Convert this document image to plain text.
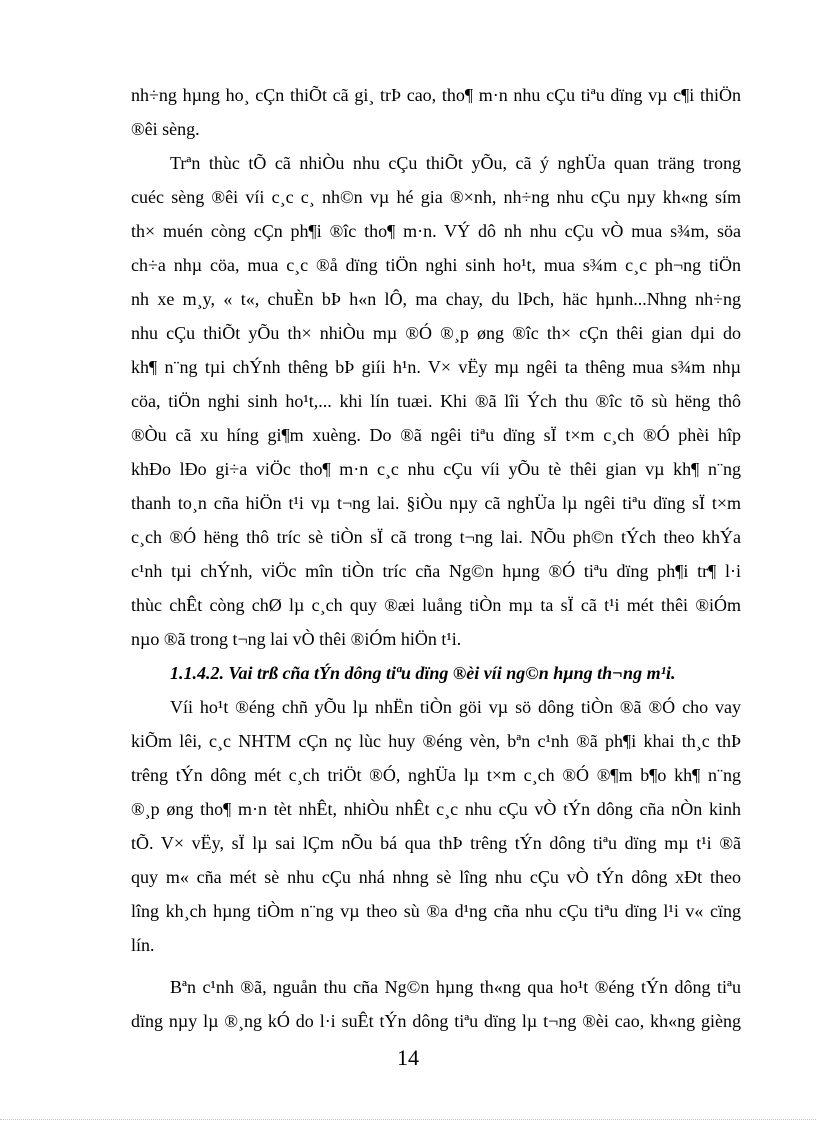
nh÷ng hµng ho¸ cÇn thiÕt cã gi¸ trÞ cao, tho¶ m·n nhu cÇu tiªu dïng vµ c¶i thiÖn
®êi sèng.
Trªn thùc tÕ cã nhiÒu nhu cÇu thiÕt yÕu, cã ý nghÜa quan träng trong
cuéc sèng ®êi víi c¸c c¸ nh©n vµ hé gia ®×nh, nh÷ng nhu cÇu nµy kh«ng sím
th× muén còng cÇn ph¶i ®îc tho¶ m·n. VÝ dô nh nhu cÇu vÒ mua s¾m, söa
ch÷a nhµ cöa, mua c¸c ®å dïng tiÖn nghi sinh ho¹t, mua s¾m c¸c ph¬ng tiÖn
nh xe m¸y, « t«, chuÈn bÞ h«n lÔ, ma chay, du lÞch, häc hµnh...Nhng nh÷ng
nhu cÇu thiÕt yÕu th× nhiÒu mµ ®Ó ®¸p øng ®îc th× cÇn thêi gian dµi do
kh¶ n¨ng tµi chÝnh thêng bÞ giíi h¹n. V× vËy mµ ngêi ta thêng mua s¾m nhµ
cöa, tiÖn nghi sinh ho¹t,... khi lín tuæi. Khi ®ã lîi Ých thu ®îc tõ sù hëng thô
®Òu cã xu híng gi¶m xuèng. Do ®ã ngêi tiªu dïng sÏ t×m c¸ch ®Ó phèi hîp
khÐo lÐo gi÷a viÖc tho¶ m·n c¸c nhu cÇu víi yÕu tè thêi gian vµ kh¶ n¨ng
thanh to¸n cña hiÖn t¹i vµ t¬ng lai. §iÒu nµy cã nghÜa lµ ngêi tiªu dïng sÏ t×m
c¸ch ®Ó hëng thô tríc sè tiÒn sÏ cã trong t¬ng lai. NÕu ph©n tÝch theo khÝa
c¹nh tµi chÝnh, viÖc mîn tiÒn tríc cña Ng©n hµng ®Ó tiªu dïng ph¶i tr¶ l·i
thùc chÊt còng chØ lµ c¸ch quy ®æi luång tiÒn mµ ta sÏ cã t¹i mét thêi ®iÓm
nµo ®ã trong t¬ng lai vÒ thêi ®iÓm hiÖn t¹i.
1.1.4.2. Vai trß cña tÝn dông tiªu dïng ®èi víi ng©n hµng th¬ng m¹i.
Víi ho¹t ®éng chñ yÕu lµ nhËn tiÒn göi vµ sö dông tiÒn ®ã ®Ó cho vay
kiÕm lêi, c¸c NHTM cÇn nç lùc huy ®éng vèn, bªn c¹nh ®ã ph¶i khai th¸c thÞ
trêng tÝn dông mét c¸ch triÖt ®Ó, nghÜa lµ t×m c¸ch ®Ó ®¶m b¶o kh¶ n¨ng
®¸p øng tho¶ m·n tèt nhÊt, nhiÒu nhÊt c¸c nhu cÇu vÒ tÝn dông cña nÒn kinh
tÕ. V× vËy, sÏ lµ sai lÇm nÕu bá qua thÞ trêng tÝn dông tiªu dïng mµ t¹i ®ã
quy m« cña mét sè nhu cÇu nhá nhng sè lîng nhu cÇu vÒ tÝn dông xÐt theo
lîng kh¸ch hµng tiÒm n¨ng vµ theo sù ®a d¹ng cña nhu cÇu tiªu dïng l¹i v« cïng
lín.
Bªn c¹nh ®ã, nguån thu cña Ng©n hµng th«ng qua ho¹t ®éng tÝn dông tiªu
dïng nµy lµ ®¸ng kÓ do l·i suÊt tÝn dông tiªu dïng lµ t¬ng ®èi cao, kh«ng gièng
14
